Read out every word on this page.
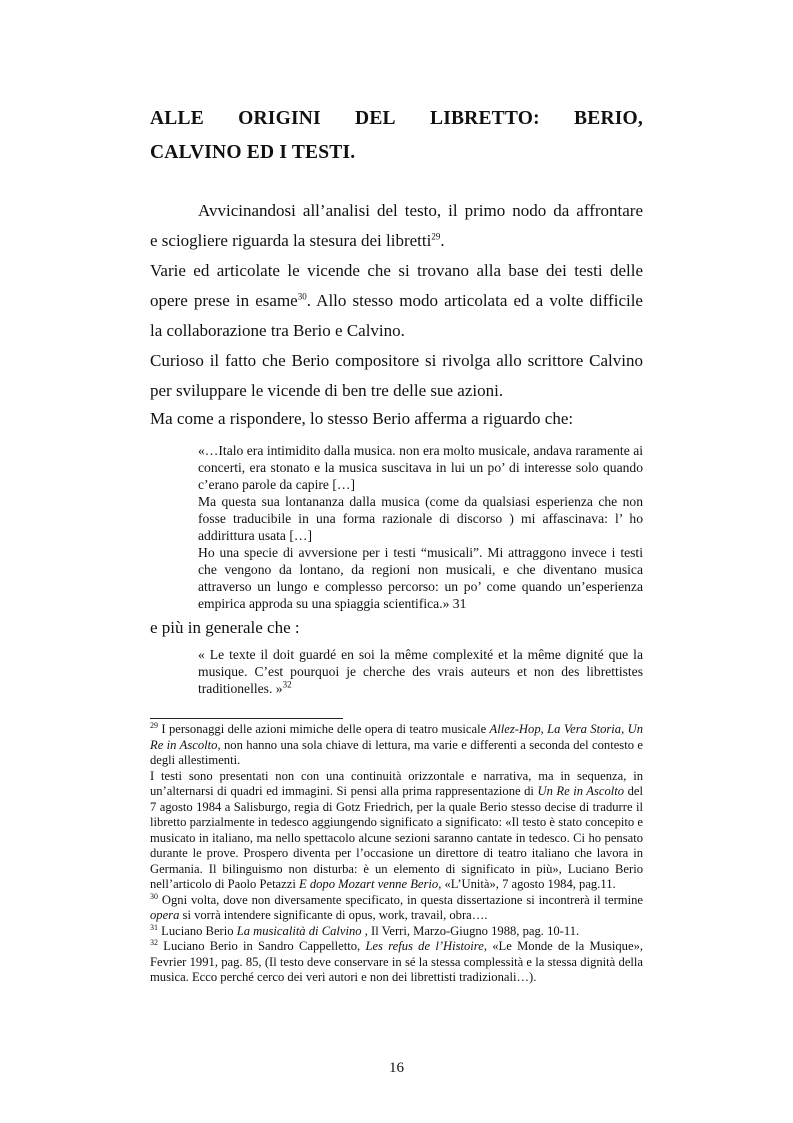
ALLE ORIGINI DEL LIBRETTO: BERIO,
CALVINO ED I TESTI.
Avvicinandosi all’analisi del testo, il primo nodo da affrontare
e sciogliere riguarda la stesura dei libretti$^{29}$.
Varie ed articolate le vicende che si trovano alla base dei testi delle
opere prese in esame$^{30}$. Allo stesso modo articolata ed a volte difficile
la collaborazione tra Berio e Calvino.
Curioso il fatto che Berio compositore si rivolga allo scrittore Calvino
per sviluppare le vicende di ben tre delle sue azioni.
Ma come a rispondere, lo stesso Berio afferma a riguardo che:

«…Italo era intimidito dalla musica. non era molto musicale, andava raramente ai concerti, era stonato e la musica suscitava in lui un po’ di interesse solo quando c’erano parole da capire […]

Ma questa sua lontananza dalla musica (come da qualsiasi esperienza che non fosse traducibile in una forma razionale di discorso ) mi affascinava: l’ ho addirittura usata […]

Ho una specie di avversione per i testi “musicali”. Mi attraggono invece i testi che vengono da lontano, da regioni non musicali, e che diventano musica attraverso un lungo e complesso percorso: un po’ come quando un’esperienza empirica approda su una spiaggia scientifica.» 31

e più in generale che :
« Le texte il doit guardé en soi la même complexité et la même dignité que la musique. C’est pourquoi je cherche des vrais auteurs et non des librettistes traditionelles. »$^{32}$

$^{29}$ I personaggi delle azioni mimiche delle opera di teatro musicale Allez-Hop, La Vera Storia, Un Re in Ascolto, non hanno una sola chiave di lettura, ma varie e differenti a seconda del contesto e degli allestimenti.

I testi sono presentati non con una continuità orizzontale e narrativa, ma in sequenza, in un’alternarsi di quadri ed immagini. Si pensi alla prima rappresentazione di Un Re in Ascolto del 7 agosto 1984 a Salisburgo, regia di Gotz Friedrich, per la quale Berio stesso decise di tradurre il libretto parzialmente in tedesco aggiungendo significato a significato: «Il testo è stato concepito e musicato in italiano, ma nello spettacolo alcune sezioni saranno cantate in tedesco. Ci ho pensato durante le prove. Prospero diventa per l’occasione un direttore di teatro italiano che lavora in Germania. Il bilinguismo non disturba: è un elemento di significato in più», Luciano Berio nell’articolo di Paolo Petazzi E dopo Mozart venne Berio, «L’Unità», 7 agosto 1984, pag.11.

$^{30}$ Ogni volta, dove non diversamente specificato, in questa dissertazione si incontrerà il termine opera si vorrà intendere significante di opus, work, travail, obra….

$^{31}$ Luciano Berio La musicalità di Calvino , Il Verri, Marzo-Giugno 1988, pag. 10-11.

$^{32}$ Luciano Berio in Sandro Cappelletto, Les refus de l’Histoire, «Le Monde de la Musique», Fevrier 1991, pag. 85, (Il testo deve conservare in sé la stessa complessità e la stessa dignità della musica. Ecco perché cerco dei veri autori e non dei librettisti tradizionali…).

16
